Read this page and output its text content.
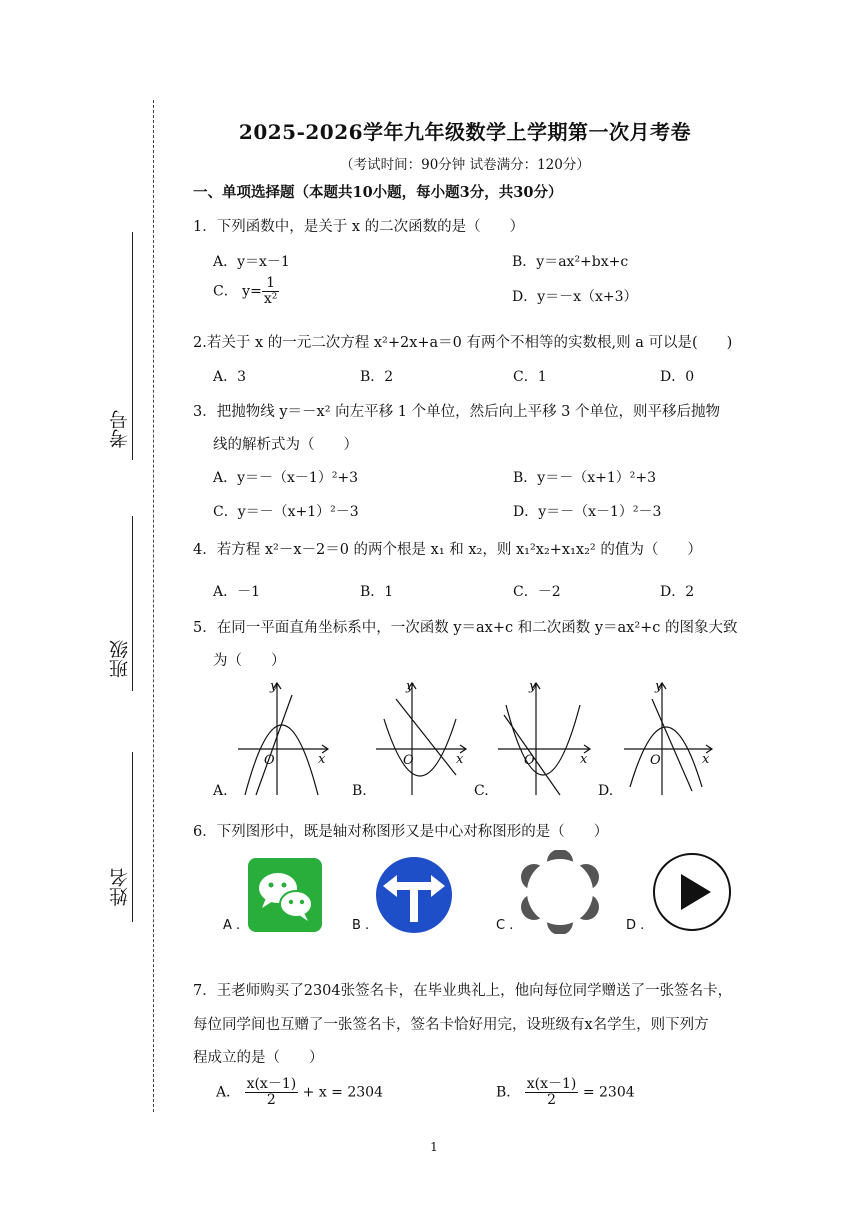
考号
班级
姓名
2025-2026学年九年级数学上学期第一次月考卷
（考试时间：90分钟 试卷满分：120分）
一、单项选择题（本题共10小题，每小题3分，共30分）
1．下列函数中，是关于 x 的二次函数的是（　　）
A．y＝x－1	B．y＝ax²+bx+c
C． $y= \frac{1}{\text{x²}}$	D．y＝－x（x+3）
2.若关于 x 的一元二次方程 x²+2x+a＝0 有两个不相等的实数根,则 a 可以是(　　)
A．3	B．2	C．1	D．0
3．把抛物线 y＝－x² 向左平移 1 个单位，然后向上平移 3 个单位，则平移后抛物
线的解析式为（　　）
A．y＝－（x－1）²+3	B．y＝－（x+1）²+3
C．y＝－（x+1）²－3	D．y＝－（x－1）²－3
4．若方程 x²－x－2＝0 的两个根是 x₁ 和 x₂，则 x₁²x₂+x₁x₂² 的值为（　　）
A．－1	B．1	C．－2	D．2
5．在同一平面直角坐标系中，一次函数 y＝ax+c 和二次函数 y＝ax²+c 的图象大致
为（　　）
y
x
O
y
x
O
y
x
O
y
x
O
A.	B.	C.	D.
6．下列图形中，既是轴对称图形又是中心对称图形的是（　　）
A .	B .	C .	D .
7．王老师购买了2304张签名卡，在毕业典礼上，他向每位同学赠送了一张签名卡，
每位同学间也互赠了一张签名卡，签名卡恰好用完，设班级有x名学生，则下列方
程成立的是（　　）
A． $\frac{x(x-1)}{2} + x = 2304$	B． $\frac{x(x-1)}{2} = 2304$
1
